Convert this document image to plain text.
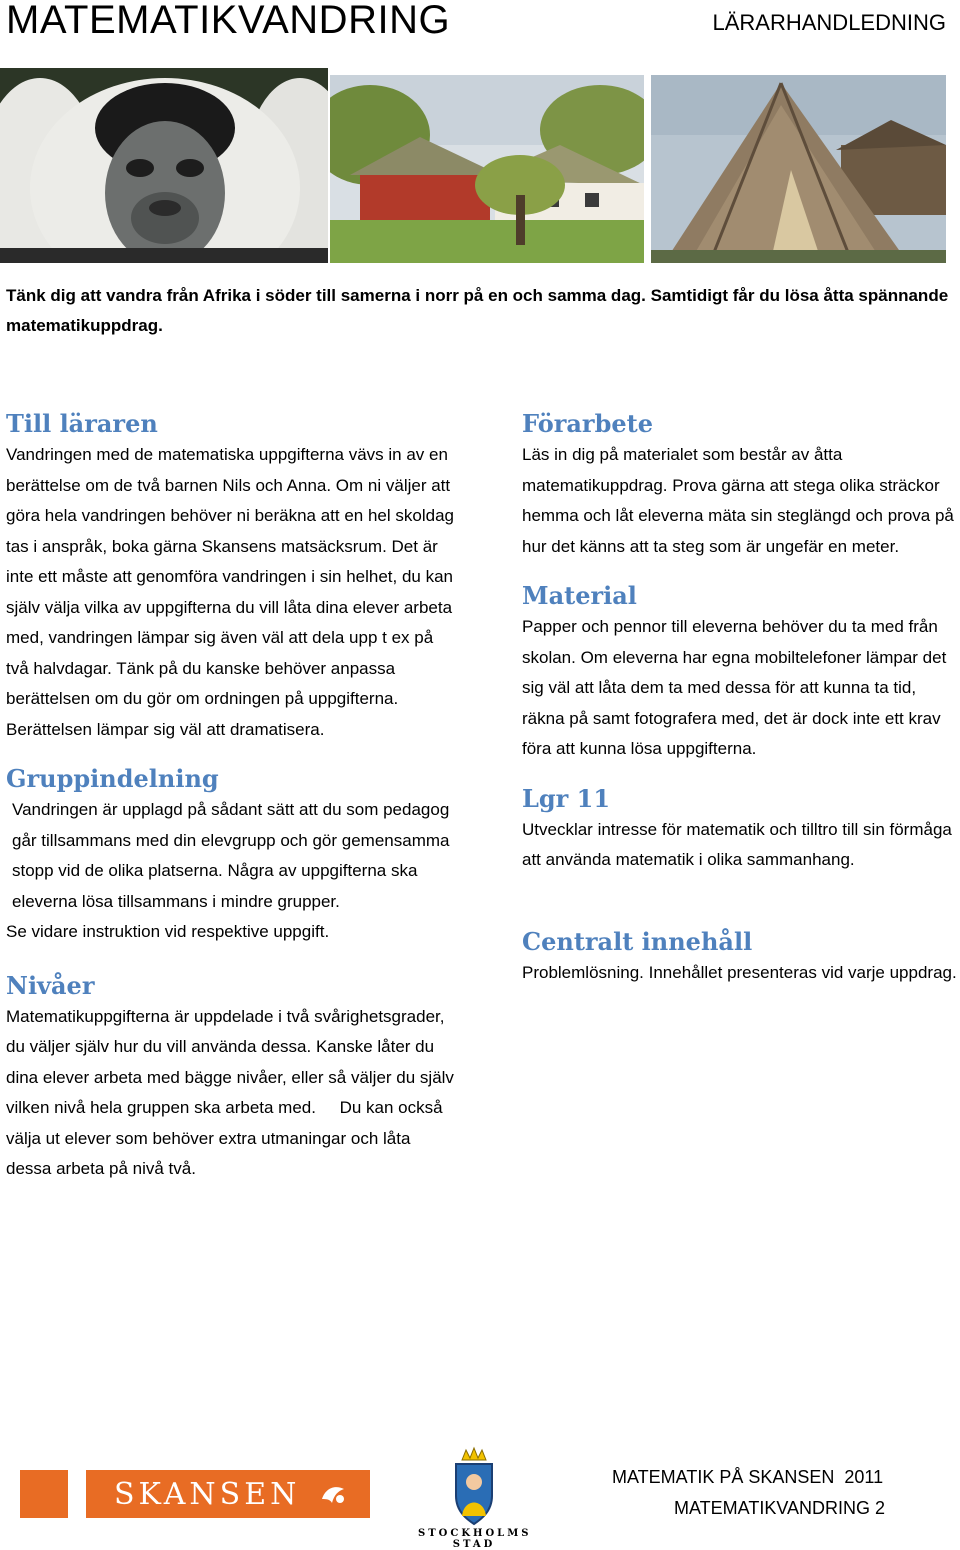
MATEMATIKVANDRING	LÄRARHANDLEDNING
Tänk dig att vandra från Afrika i söder till samerna i norr på en och samma dag. Samtidigt får du lösa åtta spännande matematikuppdrag.
Till läraren

Vandringen med de matematiska uppgifterna vävs in av en berättelse om de två barnen Nils och Anna. Om ni väljer att göra hela vandringen behöver ni beräkna att en hel skoldag tas i anspråk, boka gärna Skansens matsäcksrum. Det är inte ett måste att genomföra vandringen i sin helhet, du kan själv välja vilka av uppgifterna du vill låta dina elever arbeta med, vandringen lämpar sig även väl att dela upp t ex på två halvdagar. Tänk på du kanske behöver anpassa berättelsen om du gör om ordningen på uppgifterna. Berättelsen lämpar sig väl att dramatisera.

Gruppindelning

Vandringen är upplagd på sådant sätt att du som pedagog går tillsammans med din elevgrupp och gör gemensamma stopp vid de olika platserna. Några av uppgifterna ska eleverna lösa tillsammans i mindre grupper.

Se vidare instruktion vid respektive uppgift.

Nivåer

Matematikuppgifterna är uppdelade i två svårighetsgrader, du väljer själv hur du vill använda dessa. Kanske låter du dina elever arbeta med bägge nivåer, eller så väljer du själv vilken nivå hela gruppen ska arbeta med.     Du kan också välja ut elever som behöver extra utmaningar och låta dessa arbeta på nivå två.

Förarbete

Läs in dig på materialet som består av åtta matematikuppdrag. Prova gärna att stega olika sträckor hemma och låt eleverna mäta sin steglängd och prova på hur det känns att ta steg som är ungefär en meter.

Material

Papper och pennor till eleverna behöver du ta med från skolan. Om eleverna har egna mobiltelefoner lämpar det sig väl att låta dem ta med dessa för att kunna ta tid, räkna på samt fotografera med, det är dock inte ett krav föra att kunna lösa uppgifterna.

Lgr 11

Utvecklar intresse för matematik och tilltro till sin förmåga att använda matematik i olika sammanhang.

Centralt innehåll

Problemlösning. Innehållet presenteras vid varje uppdrag.

SKANSEN
STOCKHOLMS STAD
MATEMATIK PÅ SKANSEN  2011
MATEMATIKVANDRING 2
